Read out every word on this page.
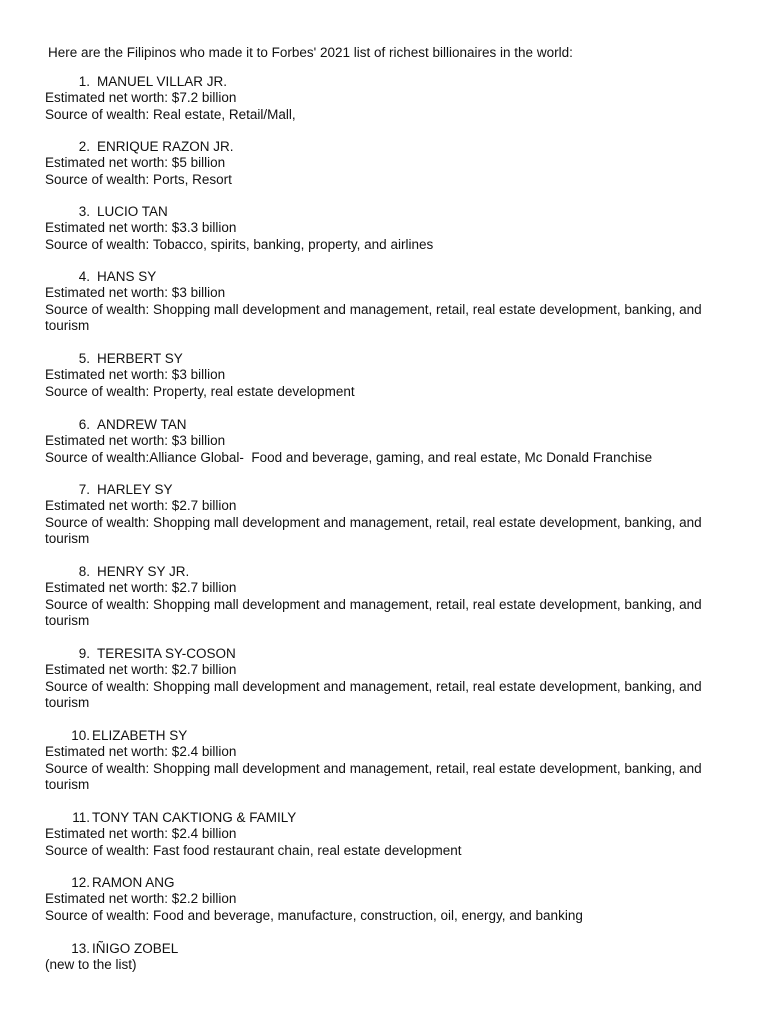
Here are the Filipinos who made it to Forbes' 2021 list of richest billionaires in the world:
1. MANUEL VILLAR JR.
Estimated net worth: $7.2 billion
Source of wealth: Real estate, Retail/Mall,
2. ENRIQUE RAZON JR.
Estimated net worth: $5 billion
Source of wealth: Ports, Resort
3. LUCIO TAN
Estimated net worth: $3.3 billion
Source of wealth: Tobacco, spirits, banking, property, and airlines
4. HANS SY
Estimated net worth: $3 billion
Source of wealth: Shopping mall development and management, retail, real estate development, banking, and tourism
5. HERBERT SY
Estimated net worth: $3 billion
Source of wealth: Property, real estate development
6. ANDREW TAN
Estimated net worth: $3 billion
Source of wealth:Alliance Global-  Food and beverage, gaming, and real estate, Mc Donald Franchise
7. HARLEY SY
Estimated net worth: $2.7 billion
Source of wealth: Shopping mall development and management, retail, real estate development, banking, and tourism
8. HENRY SY JR.
Estimated net worth: $2.7 billion
Source of wealth: Shopping mall development and management, retail, real estate development, banking, and tourism
9. TERESITA SY-COSON
Estimated net worth: $2.7 billion
Source of wealth: Shopping mall development and management, retail, real estate development, banking, and tourism
10. ELIZABETH SY
Estimated net worth: $2.4 billion
Source of wealth: Shopping mall development and management, retail, real estate development, banking, and tourism
11. TONY TAN CAKTIONG & FAMILY
Estimated net worth: $2.4 billion
Source of wealth: Fast food restaurant chain, real estate development
12. RAMON ANG
Estimated net worth: $2.2 billion
Source of wealth: Food and beverage, manufacture, construction, oil, energy, and banking
13. IÑIGO ZOBEL
(new to the list)
